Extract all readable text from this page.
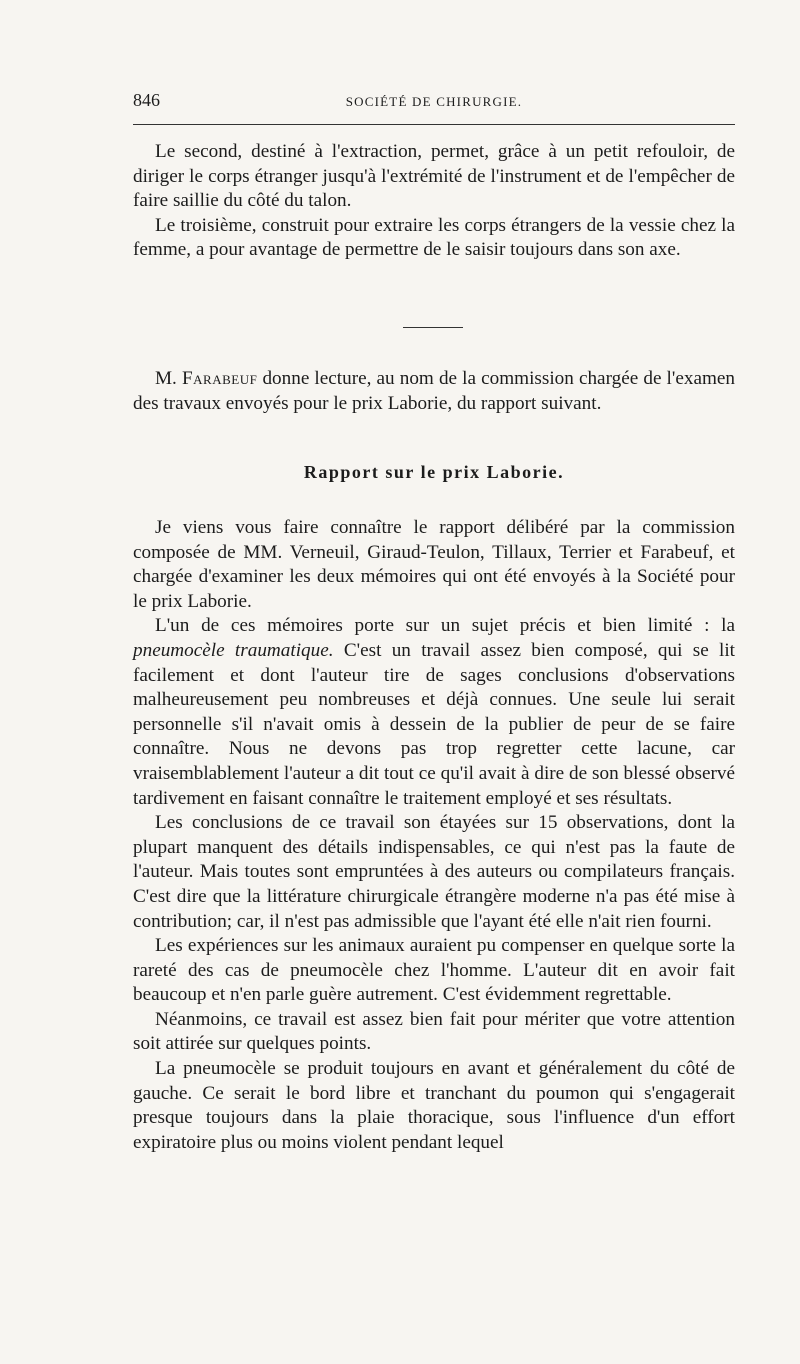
846	SOCIÉTÉ DE CHIRURGIE.

Le second, destiné à l'extraction, permet, grâce à un petit refouloir, de diriger le corps étranger jusqu'à l'extrémité de l'instrument et de l'empêcher de faire saillie du côté du talon.

Le troisième, construit pour extraire les corps étrangers de la vessie chez la femme, a pour avantage de permettre de le saisir toujours dans son axe.

M. Farabeuf donne lecture, au nom de la commission chargée de l'examen des travaux envoyés pour le prix Laborie, du rapport suivant.

Rapport sur le prix Laborie.

Je viens vous faire connaître le rapport délibéré par la commission composée de MM. Verneuil, Giraud-Teulon, Tillaux, Terrier et Farabeuf, et chargée d'examiner les deux mémoires qui ont été envoyés à la Société pour le prix Laborie.

L'un de ces mémoires porte sur un sujet précis et bien limité : la pneumocèle traumatique. C'est un travail assez bien composé, qui se lit facilement et dont l'auteur tire de sages conclusions d'observations malheureusement peu nombreuses et déjà connues. Une seule lui serait personnelle s'il n'avait omis à dessein de la publier de peur de se faire connaître. Nous ne devons pas trop regretter cette lacune, car vraisemblablement l'auteur a dit tout ce qu'il avait à dire de son blessé observé tardivement en faisant connaître le traitement employé et ses résultats.

Les conclusions de ce travail son étayées sur 15 observations, dont la plupart manquent des détails indispensables, ce qui n'est pas la faute de l'auteur. Mais toutes sont empruntées à des auteurs ou compilateurs français. C'est dire que la littérature chirurgicale étrangère moderne n'a pas été mise à contribution; car, il n'est pas admissible que l'ayant été elle n'ait rien fourni.

Les expériences sur les animaux auraient pu compenser en quelque sorte la rareté des cas de pneumocèle chez l'homme. L'auteur dit en avoir fait beaucoup et n'en parle guère autrement. C'est évidemment regrettable.

Néanmoins, ce travail est assez bien fait pour mériter que votre attention soit attirée sur quelques points.

La pneumocèle se produit toujours en avant et généralement du côté de gauche. Ce serait le bord libre et tranchant du poumon qui s'engagerait presque toujours dans la plaie thoracique, sous l'influence d'un effort expiratoire plus ou moins violent pendant lequel
